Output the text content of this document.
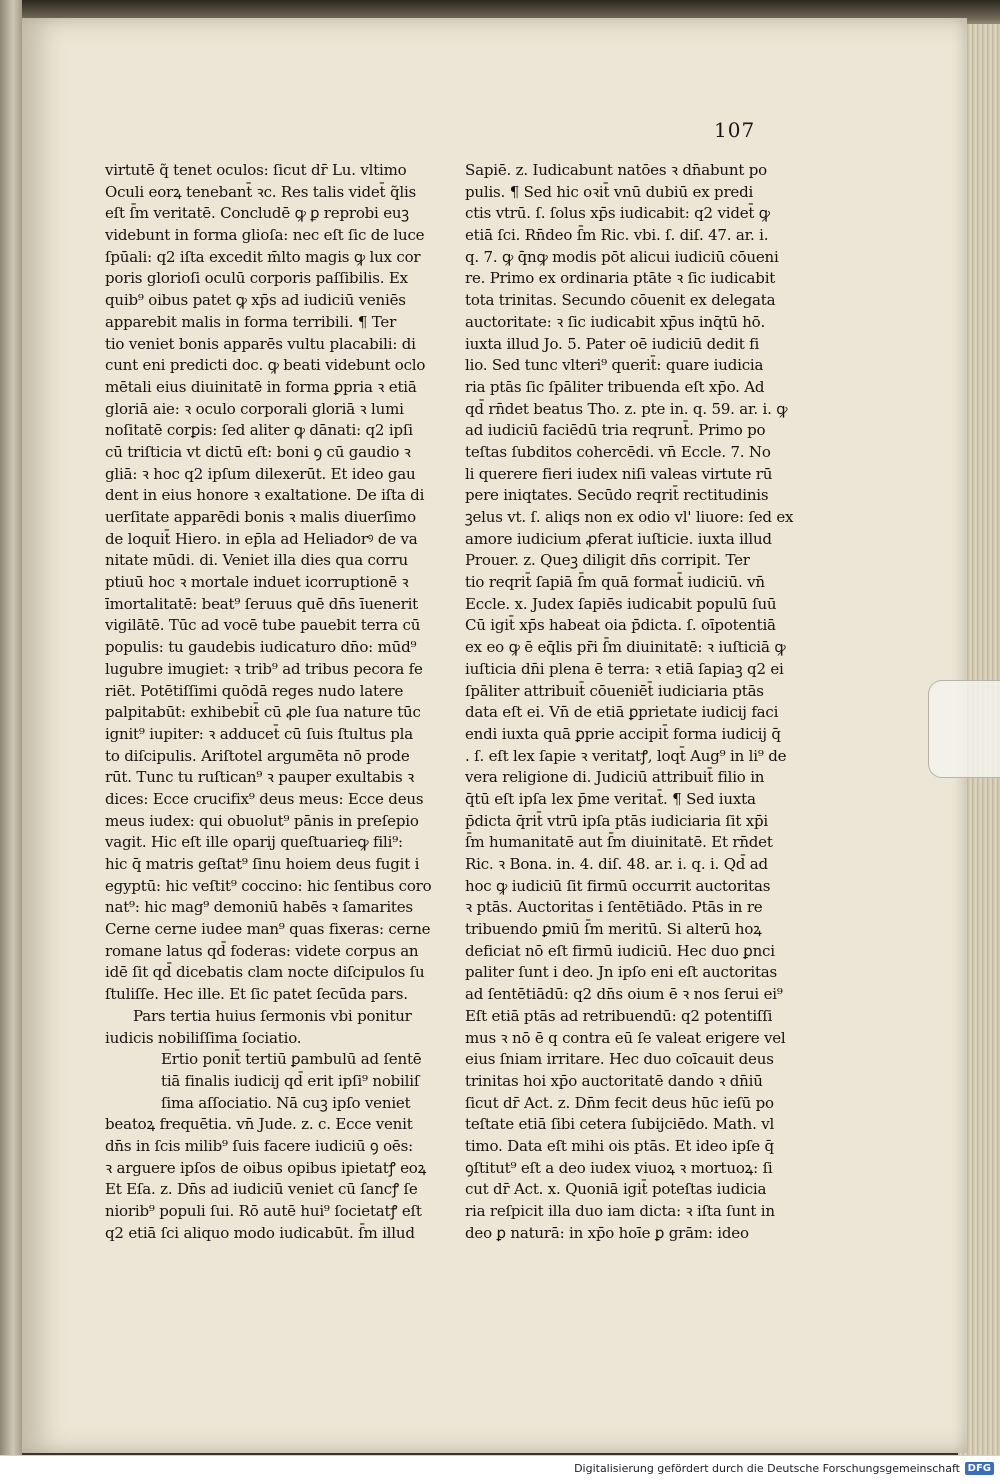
107
virtutē q̃ tenet oculos: ſicut dr̄ Lu. vltimo
Oculi eorꝝ tenebant̄ ꝛc. Res talis videt̄ q̃lis
eſt ſ̄m veritatē. Concludē ꝙ ꝑ reprobi euꝫ
videbunt in forma glioſa: nec eſt ſic de luce
ſpūali: q2 iſta excedit m̄lto magis ꝙ lux cor
poris glorioſi oculū corporis paſſibilis. Ex
quib⁹ oibus patet ꝙ xp̄s ad iudiciū veniēs
apparebit malis in forma terribili. ¶ Ter
tio veniet bonis apparēs vultu placabili: di
cunt eni predicti doc. ꝙ beati videbunt oclo
mētali eius diuinitatē in forma ꝑpria ꝛ etiā
gloriā aie: ꝛ oculo corporali gloriā ꝛ lumi
noſitatē corꝑis: ſed aliter ꝙ dānati: q2 ipſi
cū triſticia vt dictū eſt: boni ꝯ cū gaudio ꝛ
gliā: ꝛ hoc q2 ipſum dilexerūt. Et ideo gau
dent in eius honore ꝛ exaltatione. De iſta di
uerſitate apparēdi bonis ꝛ malis diuerſimo
de loquit̄ Hiero. in ep̄la ad Heliadorꝰ de va
nitate mūdi. di. Veniet illa dies qua corru
ptiuū hoc ꝛ mortale induet icorruptionē ꝛ
īmortalitatē: beat⁹ ſeruus quē dn̄s īuenerit
vigilātē. Tūc ad vocē tube pauebit terra cū
populis: tu gaudebis iudicaturo dn̄o: mūd⁹
lugubre imugiet: ꝛ trib⁹ ad tribus pecora fe
riēt. Potētiſſimi quōdā reges nudo latere
palpitabūt: exhibebit̄ cū ꝓle ſua nature tūc
ignit⁹ iupiter: ꝛ adducet̄ cū ſuis ſtultus pla
to diſcipulis. Ariſtotel argumēta nō prode
rūt. Tunc tu ruſtican⁹ ꝛ pauper exultabis ꝛ
dices: Ecce crucifix⁹ deus meus: Ecce deus
meus iudex: qui obuolut⁹ pānis in preſepio
vagit. Hic eſt ille oparij queſtuarieꝙ fili⁹:
hic q̄ matris geſtat⁹ ſinu hoiem deus fugit i
egyptū: hic veſtit⁹ coccino: hic ſentibus coro
nat⁹: hic mag⁹ demoniū habēs ꝛ ſamarites
Cerne cerne iudee man⁹ quas fixeras: cerne
romane latus qd̄ foderas: videte corpus an
idē ſit qd̄ dicebatis clam nocte diſcipulos ſu
ſtuliſſe. Hec ille. Et ſic patet ſecūda pars.
Pars tertia huius ſermonis vbi ponitur
iudicis nobiliſſima ſociatio.
Ertio ponit̄ tertiū ꝑambulū ad ſentē
tiā finalis iudicij qd̄ erit ipſi⁹ nobiliſ
ſima aſſociatio. Nā cuꝫ ipſo veniet
beatoꝝ frequētia. vn̄ Jude. z. c. Ecce venit
dn̄s in ſcis milib⁹ ſuis facere iudiciū ꝯ oēs:
ꝛ arguere ipſos de oibus opibus ipietatꝭ eoꝝ
Et Eſa. z. Dn̄s ad iudiciū veniet cū ſancꝭ ſe
niorib⁹ populi ſui. Rō autē hui⁹ ſocietatꝭ eſt
q2 etiā ſci aliquo modo iudicabūt. ſ̄m illud
Sapiē. z. Iudicabunt natōes ꝛ dn̄abunt po
pulis. ¶ Sed hic oꝛit̄ vnū dubiū ex predi
ctis vtrū. ſ. ſolus xp̄s iudicabit: q2 videt̄ ꝙ
etiā ſci. Rn̄deo ſ̄m Ric. vbi. ſ. diſ. 47. ar. i.
q. 7. ꝙ q̄nꝙ modis pōt alicui iudiciū cōueni
re. Primo ex ordinaria ptāte ꝛ ſic iudicabit
tota trinitas. Secundo cōuenit ex delegata
auctoritate: ꝛ ſic iudicabit xp̄us inq̄tū hō.
iuxta illud Jo. 5. Pater oē iudiciū dedit fi
lio. Sed tunc vlteri⁹ querit̄: quare iudicia
ria ptās ſic ſpāliter tribuenda eſt xp̄o. Ad
qd̄ rn̄det beatus Tho. z. pte in. q. 59. ar. i. ꝙ
ad iudiciū faciēdū tria reqrunt̄. Primo po
teſtas ſubditos cohercēdi. vn̄ Eccle. 7. No
li querere fieri iudex niſi valeas virtute rū
pere iniqtates. Secūdo reqrit̄ rectitudinis
ꝫelus vt. ſ. aliqs non ex odio vl' liuore: ſed ex
amore iudicium ꝓferat iuſticie. iuxta illud
Prouer. z. Queꝫ diligit dn̄s corripit. Ter
tio reqrit̄ ſapiā ſ̄m quā format̄ iudiciū. vn̄
Eccle. x. Judex ſapiēs iudicabit populū ſuū
Cū igit̄ xp̄s habeat oia p̄dicta. ſ. oīpotentiā
ex eo ꝙ ē eq̄lis pr̄i ſ̄m diuinitatē: ꝛ iuſticiā ꝙ
iuſticia dn̄i plena ē terra: ꝛ etiā ſapiaꝫ q2 ei
ſpāliter attribuit̄ cōueniēt̄ iudiciaria ptās
data eſt ei. Vn̄ de etiā ꝑprietate iudicij faci
endi iuxta quā ꝑprie accipit̄ forma iudicij q̄
. ſ. eſt lex ſapie ꝛ veritatꝭ, loqt̄ Aug⁹ in li⁹ de
vera religione di. Judiciū attribuit̄ filio in
q̄tū eſt ipſa lex p̄me veritat̄. ¶ Sed iuxta
p̄dicta q̄rit̄ vtrū ipſa ptās iudiciaria ſit xp̄i
ſ̄m humanitatē aut ſ̄m diuinitatē. Et rn̄det
Ric. ꝛ Bona. in. 4. diſ. 48. ar. i. q. i. Qd̄ ad
hoc ꝙ iudiciū ſit firmū occurrit auctoritas
ꝛ ptās. Auctoritas i ſentētiādo. Ptās in re
tribuendo ꝑmiū ſ̄m meritū. Si alterū hoꝝ
deficiat nō eſt firmū iudiciū. Hec duo ꝑnci
paliter ſunt i deo. Jn ipſo eni eſt auctoritas
ad ſentētiādū: q2 dn̄s oium ē ꝛ nos ſerui ei⁹
Eſt etiā ptās ad retribuendū: q2 potentiſſi
mus ꝛ nō ē q contra eū ſe valeat erigere vel
eius ſniam irritare. Hec duo coīcauit deus
trinitas hoi xp̄o auctoritatē dando ꝛ dn̄iū
ſicut dr̄ Act. z. Dn̄m fecit deus hūc ieſū po
teſtate etiā ſibi cetera ſubijciēdo. Math. vl
timo. Data eſt mihi ois ptās. Et ideo ipſe q̄
ꝯſtitut⁹ eſt a deo iudex viuoꝝ ꝛ mortuoꝝ: ſi
cut dr̄ Act. x. Quoniā igit̄ poteſtas iudicia
ria reſpicit illa duo iam dicta: ꝛ iſta ſunt in
deo ꝑ naturā: in xp̄o hoīe ꝑ grām: ideo
Digitalisierung gefördert durch die Deutsche Forschungsgemeinschaft DFG
